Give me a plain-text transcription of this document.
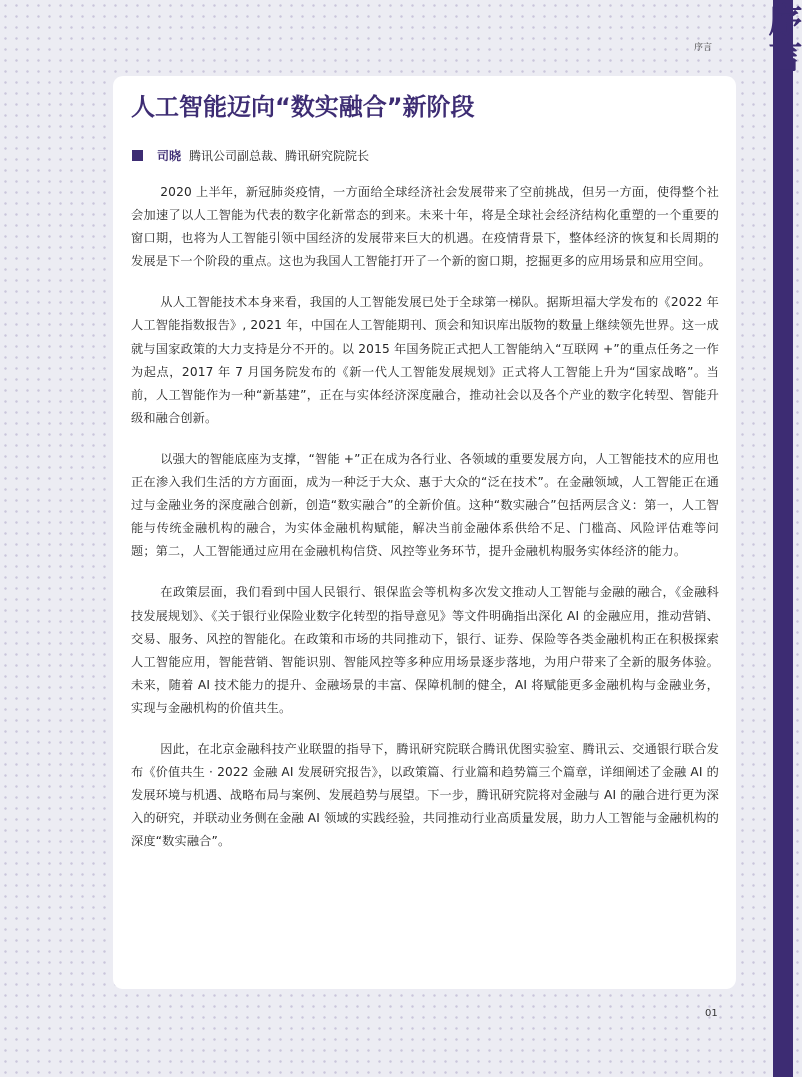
序言
序言
人工智能迈向“数实融合”新阶段
司晓 腾讯公司副总裁、腾讯研究院院长

2020 上半年，新冠肺炎疫情，一方面给全球经济社会发展带来了空前挑战，但另一方面，使得整个社会加速了以人工智能为代表的数字化新常态的到来。未来十年，将是全球社会经济结构化重塑的一个重要的窗口期，也将为人工智能引领中国经济的发展带来巨大的机遇。在疫情背景下，整体经济的恢复和长周期的发展是下一个阶段的重点。这也为我国人工智能打开了一个新的窗口期，挖掘更多的应用场景和应用空间。

从人工智能技术本身来看，我国的人工智能发展已处于全球第一梯队。据斯坦福大学发布的《2022 年人工智能指数报告》, 2021 年，中国在人工智能期刊、顶会和知识库出版物的数量上继续领先世界。这一成就与国家政策的大力支持是分不开的。以 2015 年国务院正式把人工智能纳入“互联网 +”的重点任务之一作为起点，2017 年 7 月国务院发布的《新一代人工智能发展规划》正式将人工智能上升为“国家战略”。当前，人工智能作为一种“新基建”，正在与实体经济深度融合，推动社会以及各个产业的数字化转型、智能升级和融合创新。

以强大的智能底座为支撑，“智能 +”正在成为各行业、各领域的重要发展方向，人工智能技术的应用也正在渗入我们生活的方方面面，成为一种泛于大众、惠于大众的“泛在技术”。在金融领域，人工智能正在通过与金融业务的深度融合创新，创造“数实融合”的全新价值。这种“数实融合”包括两层含义：第一，人工智能与传统金融机构的融合，为实体金融机构赋能，解决当前金融体系供给不足、门槛高、风险评估难等问题；第二，人工智能通过应用在金融机构信贷、风控等业务环节，提升金融机构服务实体经济的能力。

在政策层面，我们看到中国人民银行、银保监会等机构多次发文推动人工智能与金融的融合，《金融科技发展规划》、《关于银行业保险业数字化转型的指导意见》等文件明确指出深化 AI 的金融应用，推动营销、交易、服务、风控的智能化。在政策和市场的共同推动下，银行、证券、保险等各类金融机构正在积极探索人工智能应用，智能营销、智能识别、智能风控等多种应用场景逐步落地，为用户带来了全新的服务体验。未来，随着 AI 技术能力的提升、金融场景的丰富、保障机制的健全，AI 将赋能更多金融机构与金融业务，实现与金融机构的价值共生。

因此，在北京金融科技产业联盟的指导下，腾讯研究院联合腾讯优图实验室、腾讯云、交通银行联合发布《价值共生 · 2022 金融 AI 发展研究报告》，以政策篇、行业篇和趋势篇三个篇章，详细阐述了金融 AI 的发展环境与机遇、战略布局与案例、发展趋势与展望。下一步，腾讯研究院将对金融与 AI 的融合进行更为深入的研究，并联动业务侧在金融 AI 领域的实践经验，共同推动行业高质量发展，助力人工智能与金融机构的深度“数实融合”。

01
